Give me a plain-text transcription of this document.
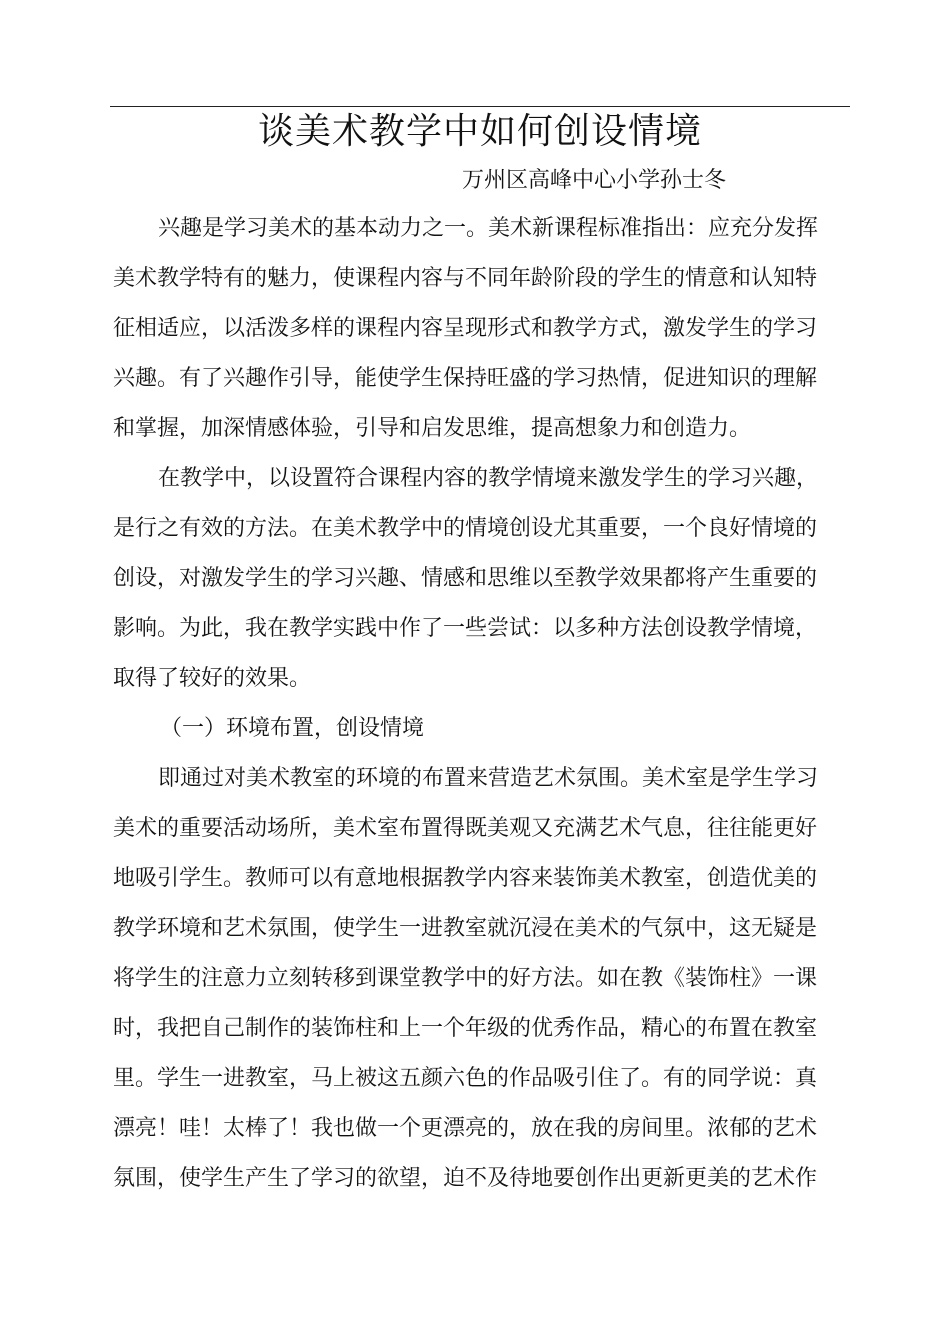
谈美术教学中如何创设情境
万州区高峰中心小学孙士冬
兴趣是学习美术的基本动力之一。美术新课程标准指出：应充分发挥
美术教学特有的魅力，使课程内容与不同年龄阶段的学生的情意和认知特
征相适应，以活泼多样的课程内容呈现形式和教学方式，激发学生的学习
兴趣。有了兴趣作引导，能使学生保持旺盛的学习热情，促进知识的理解
和掌握，加深情感体验，引导和启发思维，提高想象力和创造力。
在教学中，以设置符合课程内容的教学情境来激发学生的学习兴趣，
是行之有效的方法。在美术教学中的情境创设尤其重要，一个良好情境的
创设，对激发学生的学习兴趣、情感和思维以至教学效果都将产生重要的
影响。为此，我在教学实践中作了一些尝试：以多种方法创设教学情境，
取得了较好的效果。
（一）环境布置，创设情境
即通过对美术教室的环境的布置来营造艺术氛围。美术室是学生学习
美术的重要活动场所，美术室布置得既美观又充满艺术气息，往往能更好
地吸引学生。教师可以有意地根据教学内容来装饰美术教室，创造优美的
教学环境和艺术氛围，使学生一进教室就沉浸在美术的气氛中，这无疑是
将学生的注意力立刻转移到课堂教学中的好方法。如在教《装饰柱》一课
时，我把自己制作的装饰柱和上一个年级的优秀作品，精心的布置在教室
里。学生一进教室，马上被这五颜六色的作品吸引住了。有的同学说：真
漂亮！哇！太棒了！我也做一个更漂亮的，放在我的房间里。浓郁的艺术
氛围，使学生产生了学习的欲望，迫不及待地要创作出更新更美的艺术作
